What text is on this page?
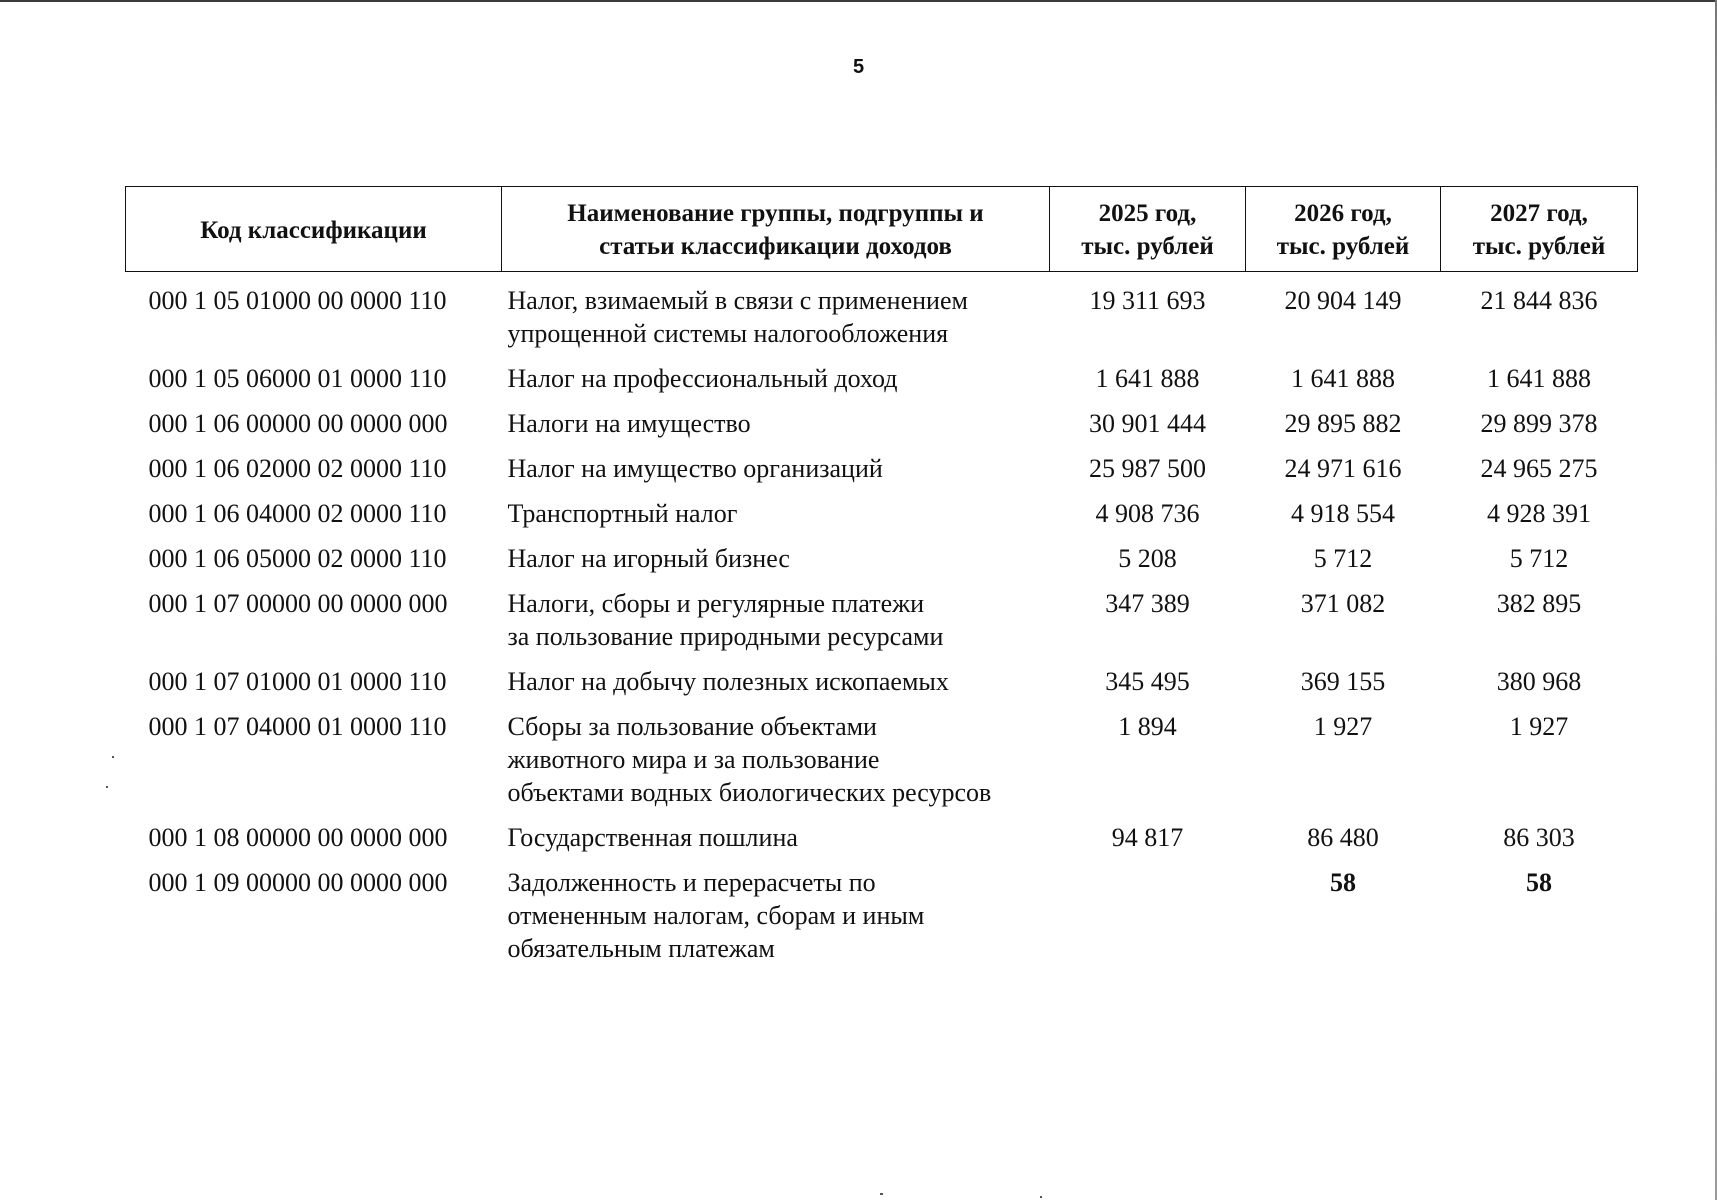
5
Код классификации	Наименование группы, подгруппы и
статьи классификации доходов	2025 год,
тыс. рублей	2026 год,
тыс. рублей	2027 год,
тыс. рублей

000 1 05 01000 00 0000 110	Налог, взимаемый в связи с применением
упрощенной системы налогообложения	19 311 693	20 904 149	21 844 836

000 1 05 06000 01 0000 110	Налог на профессиональный доход	1 641 888	1 641 888	1 641 888

000 1 06 00000 00 0000 000	Налоги на имущество	30 901 444	29 895 882	29 899 378

000 1 06 02000 02 0000 110	Налог на имущество организаций	25 987 500	24 971 616	24 965 275

000 1 06 04000 02 0000 110	Транспортный налог	4 908 736	4 918 554	4 928 391

000 1 06 05000 02 0000 110	Налог на игорный бизнес	5 208	5 712	5 712

000 1 07 00000 00 0000 000	Налоги, сборы и регулярные платежи
за пользование природными ресурсами	347 389	371 082	382 895

000 1 07 01000 01 0000 110	Налог на добычу полезных ископаемых	345 495	369 155	380 968

000 1 07 04000 01 0000 110	Сборы за пользование объектами
животного мира и за пользование
объектами водных биологических ресурсов	1 894	1 927	1 927

000 1 08 00000 00 0000 000	Государственная пошлина	94 817	86 480	86 303

000 1 09 00000 00 0000 000	Задолженность и перерасчеты по
отмененным налогам, сборам и иным
обязательным платежам		58	58
